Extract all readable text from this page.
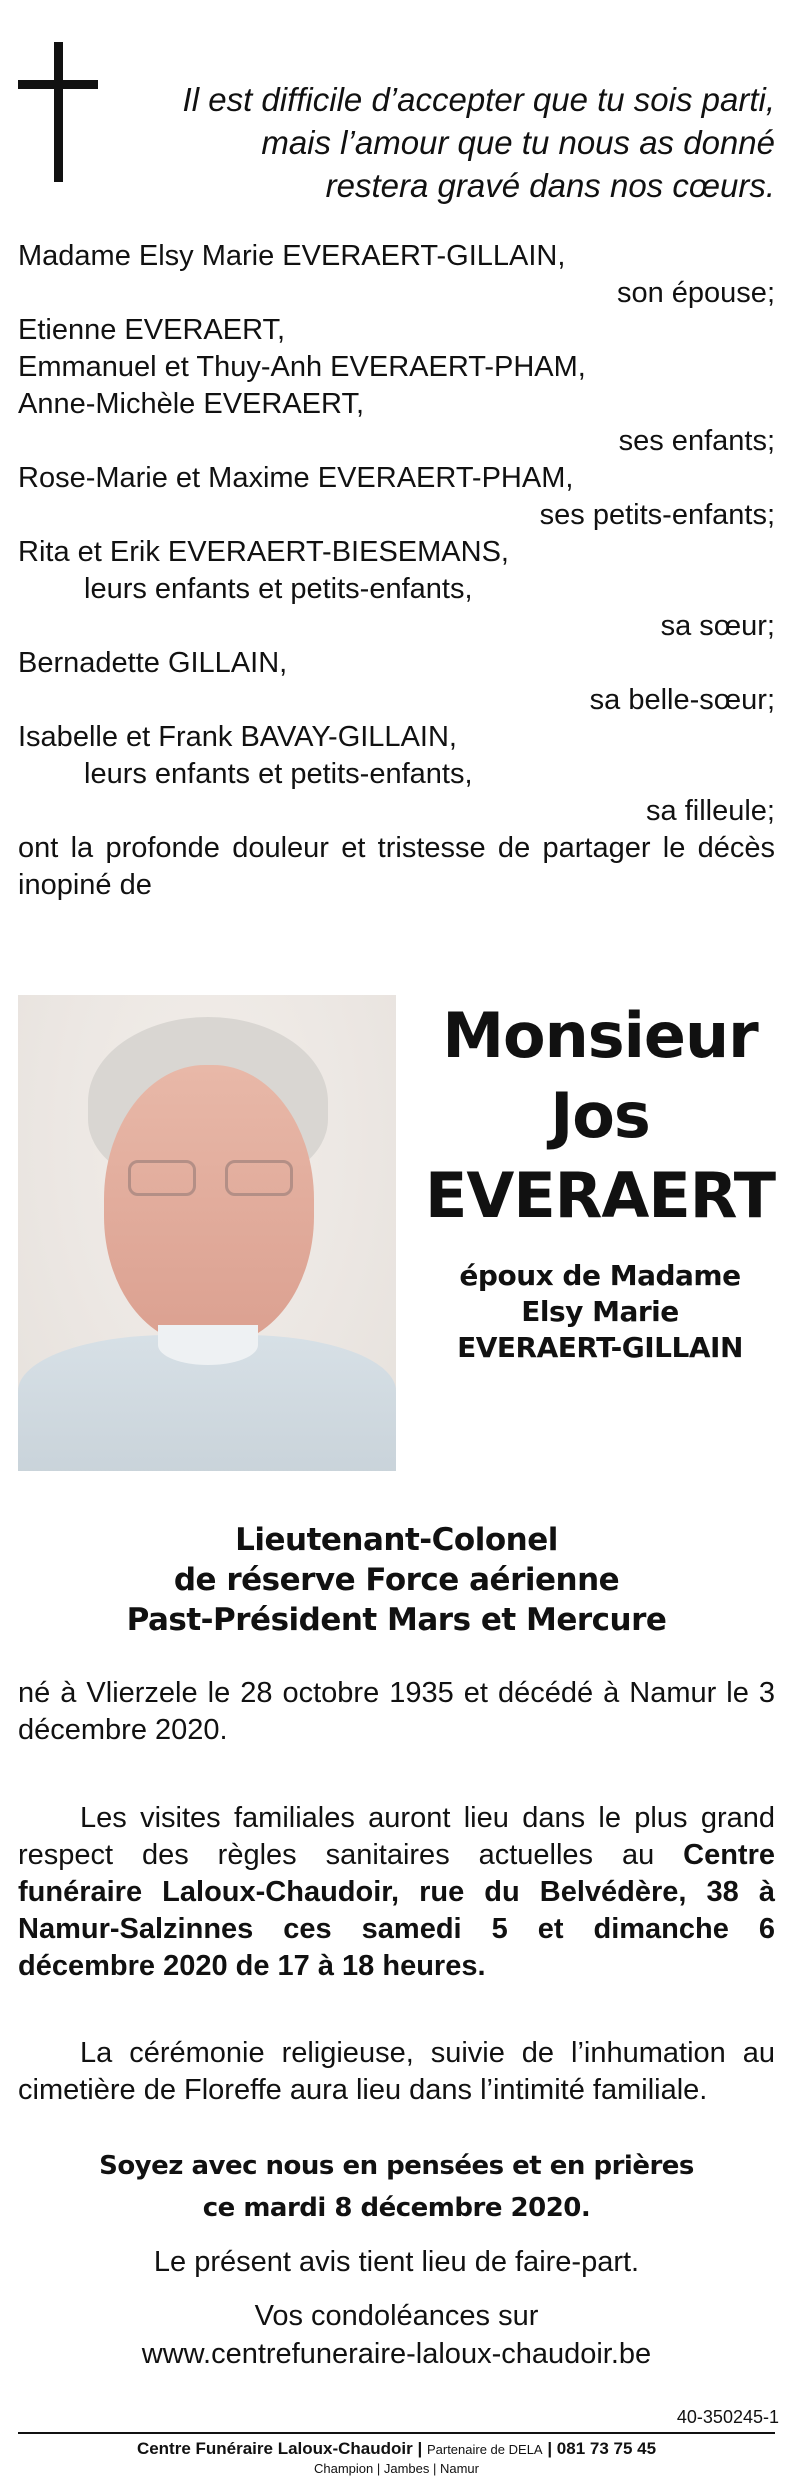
Il est difficile d’accepter que tu sois parti,
mais l’amour que tu nous as donné
restera gravé dans nos cœurs.
Madame Elsy Marie EVERAERT-GILLAIN,
son épouse;
Etienne EVERAERT,
Emmanuel et Thuy-Anh EVERAERT-PHAM,
Anne-Michèle EVERAERT,
ses enfants;
Rose-Marie et Maxime EVERAERT-PHAM,
ses petits-enfants;
Rita et Erik EVERAERT-BIESEMANS,
leurs enfants et petits-enfants,
sa sœur;
Bernadette GILLAIN,
sa belle-sœur;
Isabelle et Frank BAVAY-GILLAIN,
leurs enfants et petits-enfants,
sa filleule;
ont la profonde douleur et tristesse de partager le décès inopiné de
Monsieur
Jos
EVERAERT
époux de Madame
Elsy Marie
EVERAERT-GILLAIN
Lieutenant-Colonel
de réserve Force aérienne
Past-Président Mars et Mercure
né à Vlierzele le 28 octobre 1935 et décédé à Namur le 3 décembre 2020.
Les visites familiales auront lieu dans le plus grand respect des règles sanitaires actuelles au Centre funéraire Laloux-Chaudoir, rue du Belvédère, 38 à Namur-Salzinnes ces samedi 5 et dimanche 6 décembre 2020 de 17 à 18 heures.
La cérémonie religieuse, suivie de l’inhumation au cimetière de Floreffe aura lieu dans l’intimité familiale.
Soyez avec nous en pensées et en prières
ce mardi 8 décembre 2020.
Le présent avis tient lieu de faire-part.
Vos condoléances sur
www.centrefuneraire-laloux-chaudoir.be
40-350245-1
Centre Funéraire Laloux-Chaudoir | Partenaire de DELA | 081 73 75 45
Champion | Jambes | Namur
